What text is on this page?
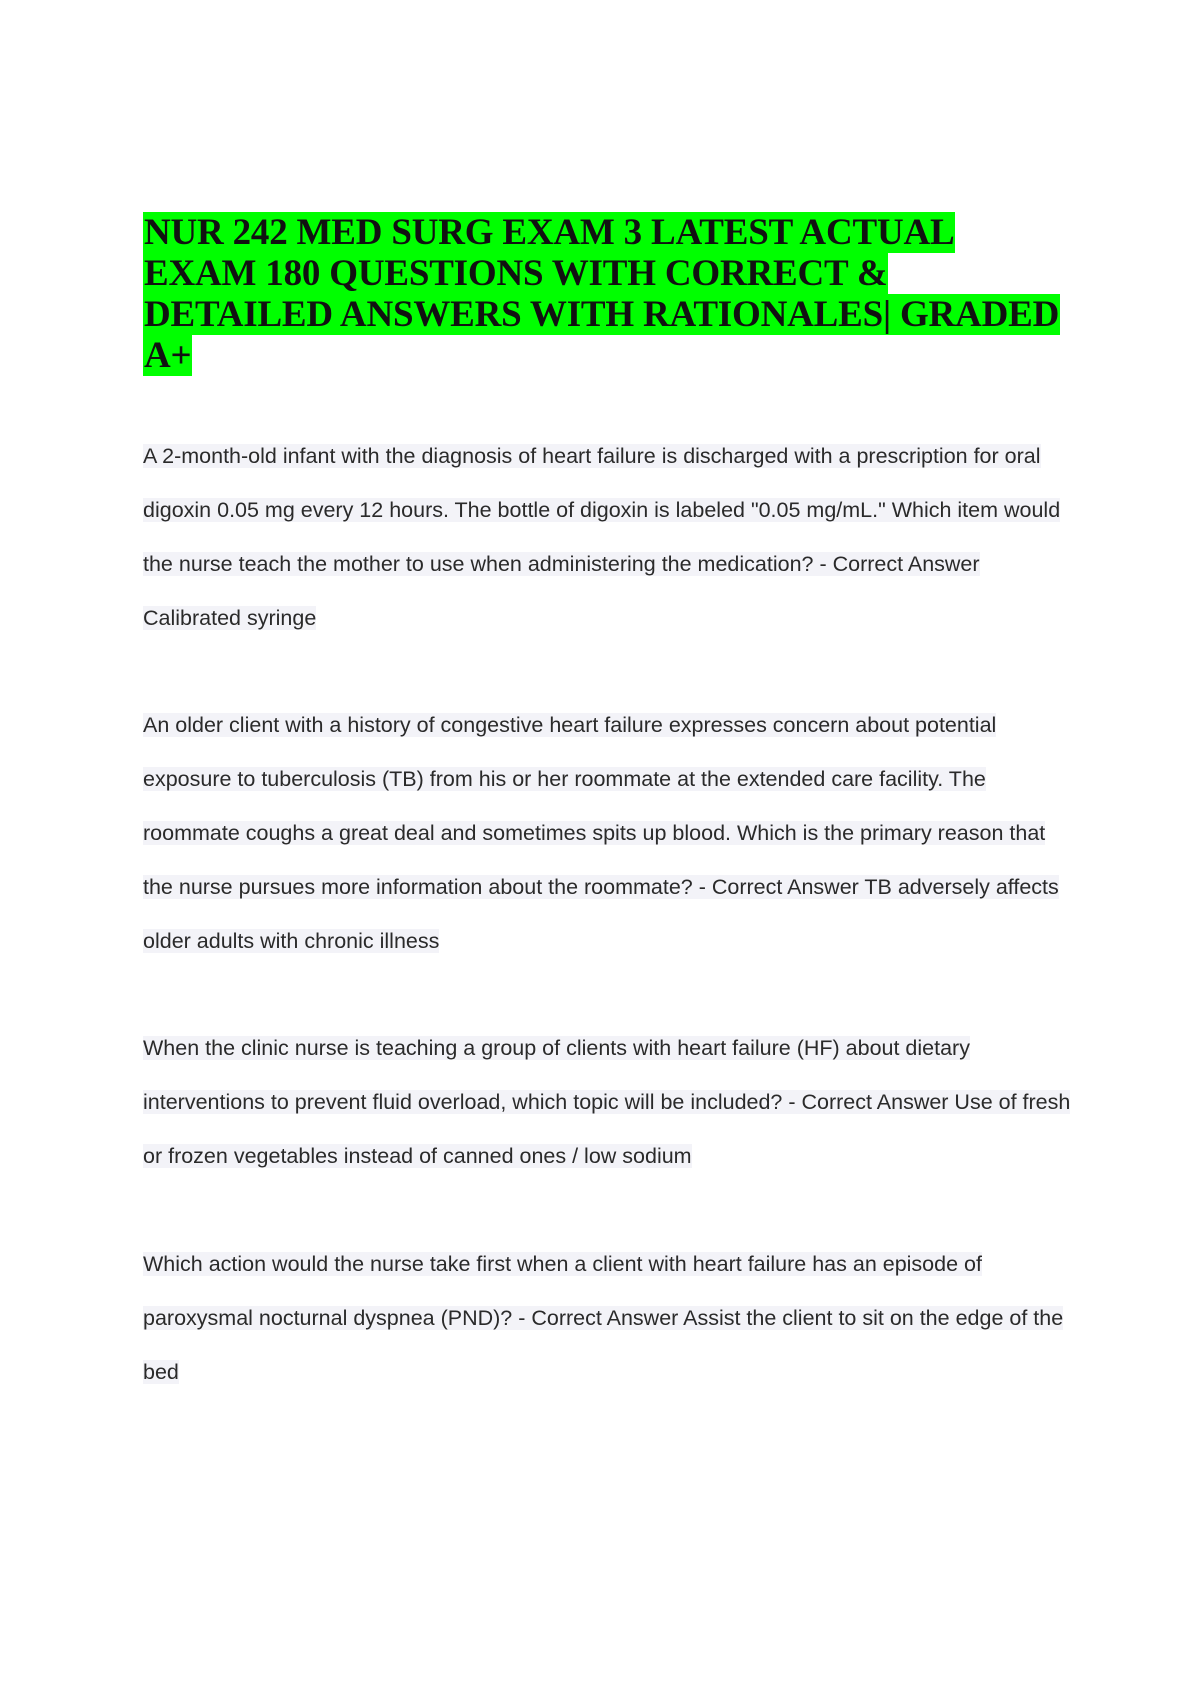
NUR 242 MED SURG EXAM 3 LATEST ACTUAL EXAM 180 QUESTIONS WITH CORRECT & DETAILED ANSWERS WITH RATIONALES| GRADED A+

A 2-month-old infant with the diagnosis of heart failure is discharged with a prescription for oral digoxin 0.05 mg every 12 hours. The bottle of digoxin is labeled "0.05 mg/mL." Which item would the nurse teach the mother to use when administering the medication? - Correct Answer Calibrated syringe

An older client with a history of congestive heart failure expresses concern about potential exposure to tuberculosis (TB) from his or her roommate at the extended care facility. The roommate coughs a great deal and sometimes spits up blood. Which is the primary reason that the nurse pursues more information about the roommate? - Correct Answer TB adversely affects older adults with chronic illness

When the clinic nurse is teaching a group of clients with heart failure (HF) about dietary interventions to prevent fluid overload, which topic will be included? - Correct Answer Use of fresh or frozen vegetables instead of canned ones / low sodium

Which action would the nurse take first when a client with heart failure has an episode of paroxysmal nocturnal dyspnea (PND)? - Correct Answer Assist the client to sit on the edge of the bed
